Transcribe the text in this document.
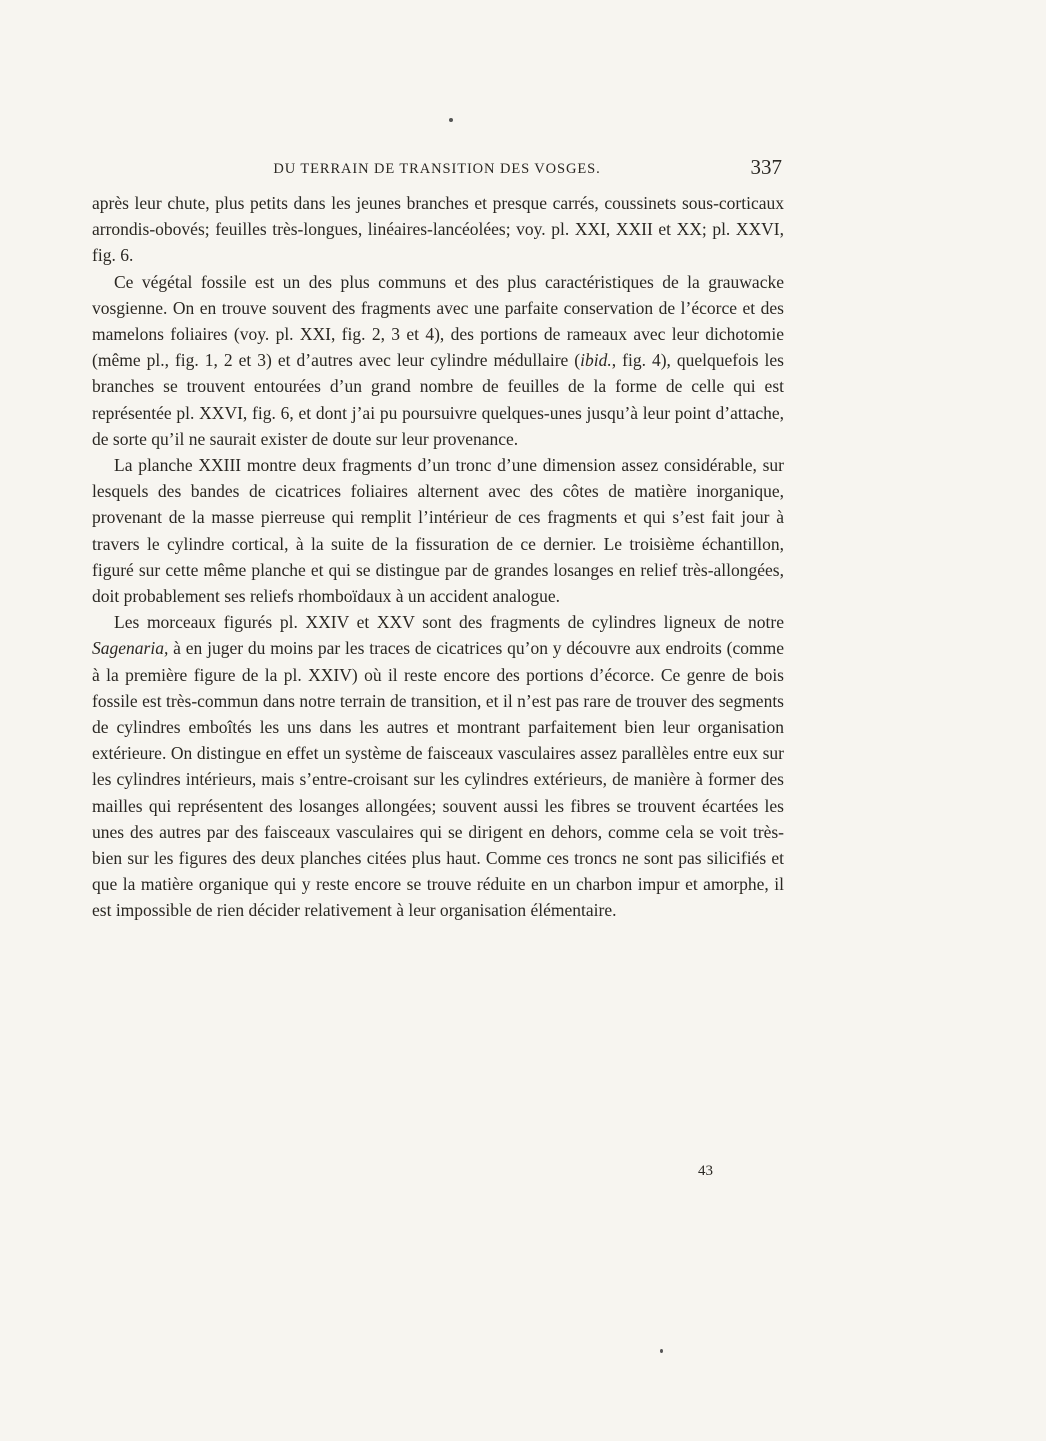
DU TERRAIN DE TRANSITION DES VOSGES.	337

après leur chute, plus petits dans les jeunes branches et presque carrés, coussinets sous-corticaux arrondis-obovés; feuilles très-longues, linéaires-lancéolées; voy. pl. XXI, XXII et XX; pl. XXVI, fig. 6.

Ce végétal fossile est un des plus communs et des plus caractéristiques de la grauwacke vosgienne. On en trouve souvent des fragments avec une parfaite conservation de l’écorce et des mamelons foliaires (voy. pl. XXI, fig. 2, 3 et 4), des portions de rameaux avec leur dichotomie (même pl., fig. 1, 2 et 3) et d’autres avec leur cylindre médullaire (ibid., fig. 4), quelquefois les branches se trouvent entourées d’un grand nombre de feuilles de la forme de celle qui est représentée pl. XXVI, fig. 6, et dont j’ai pu poursuivre quelques-unes jusqu’à leur point d’attache, de sorte qu’il ne saurait exister de doute sur leur provenance.

La planche XXIII montre deux fragments d’un tronc d’une dimension assez considérable, sur lesquels des bandes de cicatrices foliaires alternent avec des côtes de matière inorganique, provenant de la masse pierreuse qui remplit l’intérieur de ces fragments et qui s’est fait jour à travers le cylindre cortical, à la suite de la fissuration de ce dernier. Le troisième échantillon, figuré sur cette même planche et qui se distingue par de grandes losanges en relief très-allongées, doit probablement ses reliefs rhomboïdaux à un accident analogue.

Les morceaux figurés pl. XXIV et XXV sont des fragments de cylindres ligneux de notre Sagenaria, à en juger du moins par les traces de cicatrices qu’on y découvre aux endroits (comme à la première figure de la pl. XXIV) où il reste encore des portions d’écorce. Ce genre de bois fossile est très-commun dans notre terrain de transition, et il n’est pas rare de trouver des segments de cylindres emboîtés les uns dans les autres et montrant parfaitement bien leur organisation extérieure. On distingue en effet un système de faisceaux vasculaires assez parallèles entre eux sur les cylindres intérieurs, mais s’entre-croisant sur les cylindres extérieurs, de manière à former des mailles qui représentent des losanges allongées; souvent aussi les fibres se trouvent écartées les unes des autres par des faisceaux vasculaires qui se dirigent en dehors, comme cela se voit très-bien sur les figures des deux planches citées plus haut. Comme ces troncs ne sont pas silicifiés et que la matière organique qui y reste encore se trouve réduite en un charbon impur et amorphe, il est impossible de rien décider relativement à leur organisation élémentaire.

43
